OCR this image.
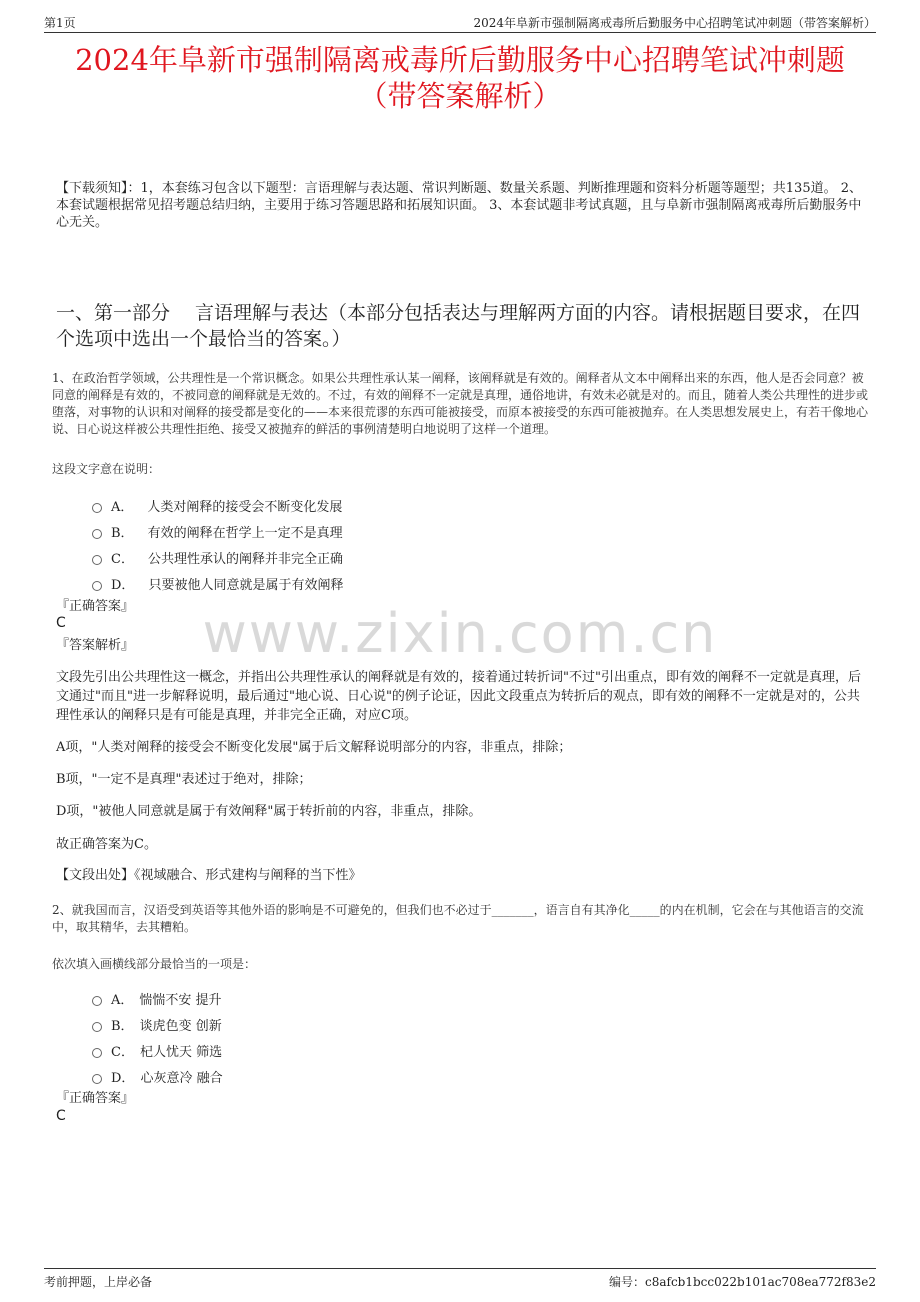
第1页	2024年阜新市强制隔离戒毒所后勤服务中心招聘笔试冲刺题（带答案解析）
2024年阜新市强制隔离戒毒所后勤服务中心招聘笔试冲刺题
（带答案解析）
【下载须知】：1，本套练习包含以下题型：言语理解与表达题、常识判断题、数量关系题、判断推理题和资料分析题等题型；共135道。 2、本套试题根据常见招考题总结归纳，主要用于练习答题思路和拓展知识面。 3、本套试题非考试真题，且与阜新市强制隔离戒毒所后勤服务中心无关。
一、第一部分　 言语理解与表达（本部分包括表达与理解两方面的内容。请根据题目要求，在四个选项中选出一个最恰当的答案。）
www.zixin.com.cn
1、在政治哲学领域，公共理性是一个常识概念。如果公共理性承认某一阐释，该阐释就是有效的。阐释者从文本中阐释出来的东西，他人是否会同意？被同意的阐释是有效的，不被同意的阐释就是无效的。不过，有效的阐释不一定就是真理，通俗地讲，有效未必就是对的。而且，随着人类公共理性的进步或堕落，对事物的认识和对阐释的接受都是变化的——本来很荒谬的东西可能被接受，而原本被接受的东西可能被抛弃。在人类思想发展史上，有若干像地心说、日心说这样被公共理性拒绝、接受又被抛弃的鲜活的事例清楚明白地说明了这样一个道理。
这段文字意在说明：
A． 人类对阐释的接受会不断变化发展
B． 有效的阐释在哲学上一定不是真理
C． 公共理性承认的阐释并非完全正确
D． 只要被他人同意就是属于有效阐释
『正确答案』
C
『答案解析』
文段先引出公共理性这一概念，并指出公共理性承认的阐释就是有效的，接着通过转折词"不过"引出重点，即有效的阐释不一定就是真理，后文通过"而且"进一步解释说明，最后通过"地心说、日心说"的例子论证，因此文段重点为转折后的观点，即有效的阐释不一定就是对的，公共理性承认的阐释只是有可能是真理，并非完全正确，对应C项。
A项，"人类对阐释的接受会不断变化发展"属于后文解释说明部分的内容，非重点，排除；
B项，"一定不是真理"表述过于绝对，排除；
D项，"被他人同意就是属于有效阐释"属于转折前的内容，非重点，排除。
故正确答案为C。
【文段出处】《视域融合、形式建构与阐释的当下性》
2、就我国而言，汉语受到英语等其他外语的影响是不可避免的，但我们也不必过于_______，语言自有其净化_____的内在机制，它会在与其他语言的交流中，取其精华，去其糟粕。
依次填入画横线部分最恰当的一项是：
A． 惴惴不安 提升
B． 谈虎色变 创新
C． 杞人忧天 筛选
D． 心灰意冷 融合
『正确答案』
C
考前押题，上岸必备	编号：c8afcb1bcc022b101ac708ea772f83e2
